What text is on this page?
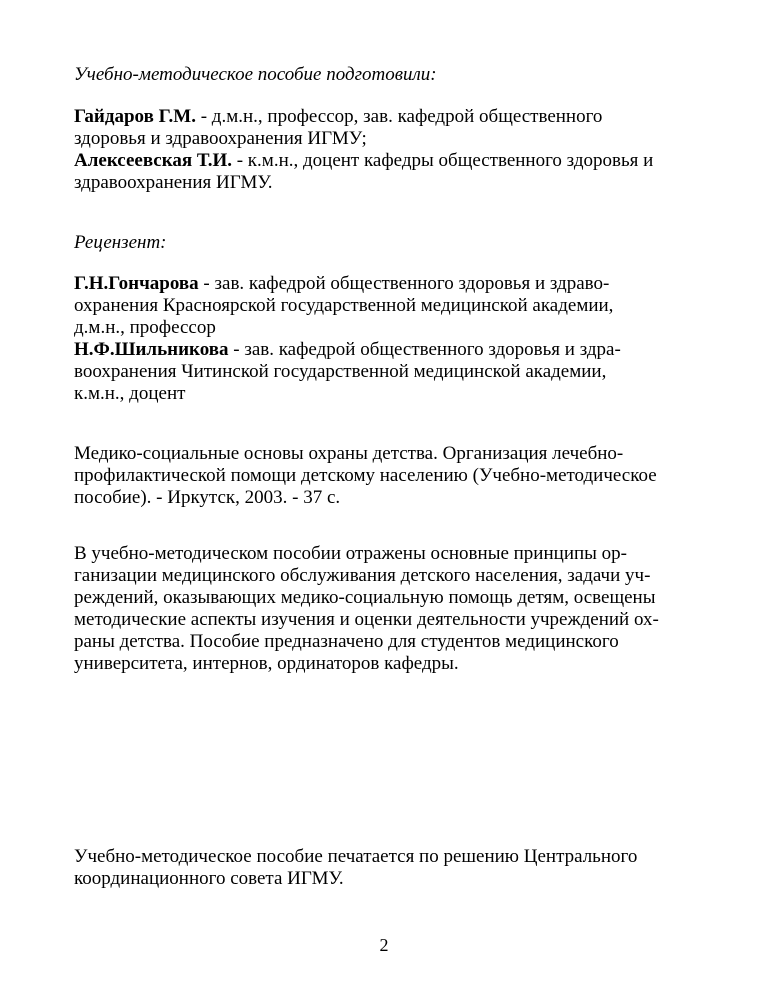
Учебно-методическое пособие подготовили:
Гайдаров Г.М. - д.м.н., профессор, зав. кафедрой общественного
здоровья и здравоохранения ИГМУ;
Алексеевская Т.И. - к.м.н., доцент кафедры общественного здоровья и
здравоохранения ИГМУ.
Рецензент:
Г.Н.Гончарова - зав. кафедрой общественного здоровья и здраво-
охранения Красноярской государственной медицинской академии,
д.м.н., профессор
Н.Ф.Шильникова - зав. кафедрой общественного здоровья и здра-
воохранения Читинской государственной медицинской академии,
к.м.н., доцент
Медико-социальные основы охраны детства. Организация лечебно-
профилактической помощи детскому населению (Учебно-методическое
пособие). - Иркутск, 2003. - 37 с.
В учебно-методическом пособии отражены основные принципы ор-
ганизации медицинского обслуживания детского населения, задачи уч-
реждений, оказывающих медико-социальную помощь детям, освещены
методические аспекты изучения и оценки деятельности учреждений ох-
раны детства. Пособие предназначено для студентов медицинского
университета, интернов, ординаторов кафедры.
Учебно-методическое пособие печатается по решению Центрального
координационного совета ИГМУ.
2
